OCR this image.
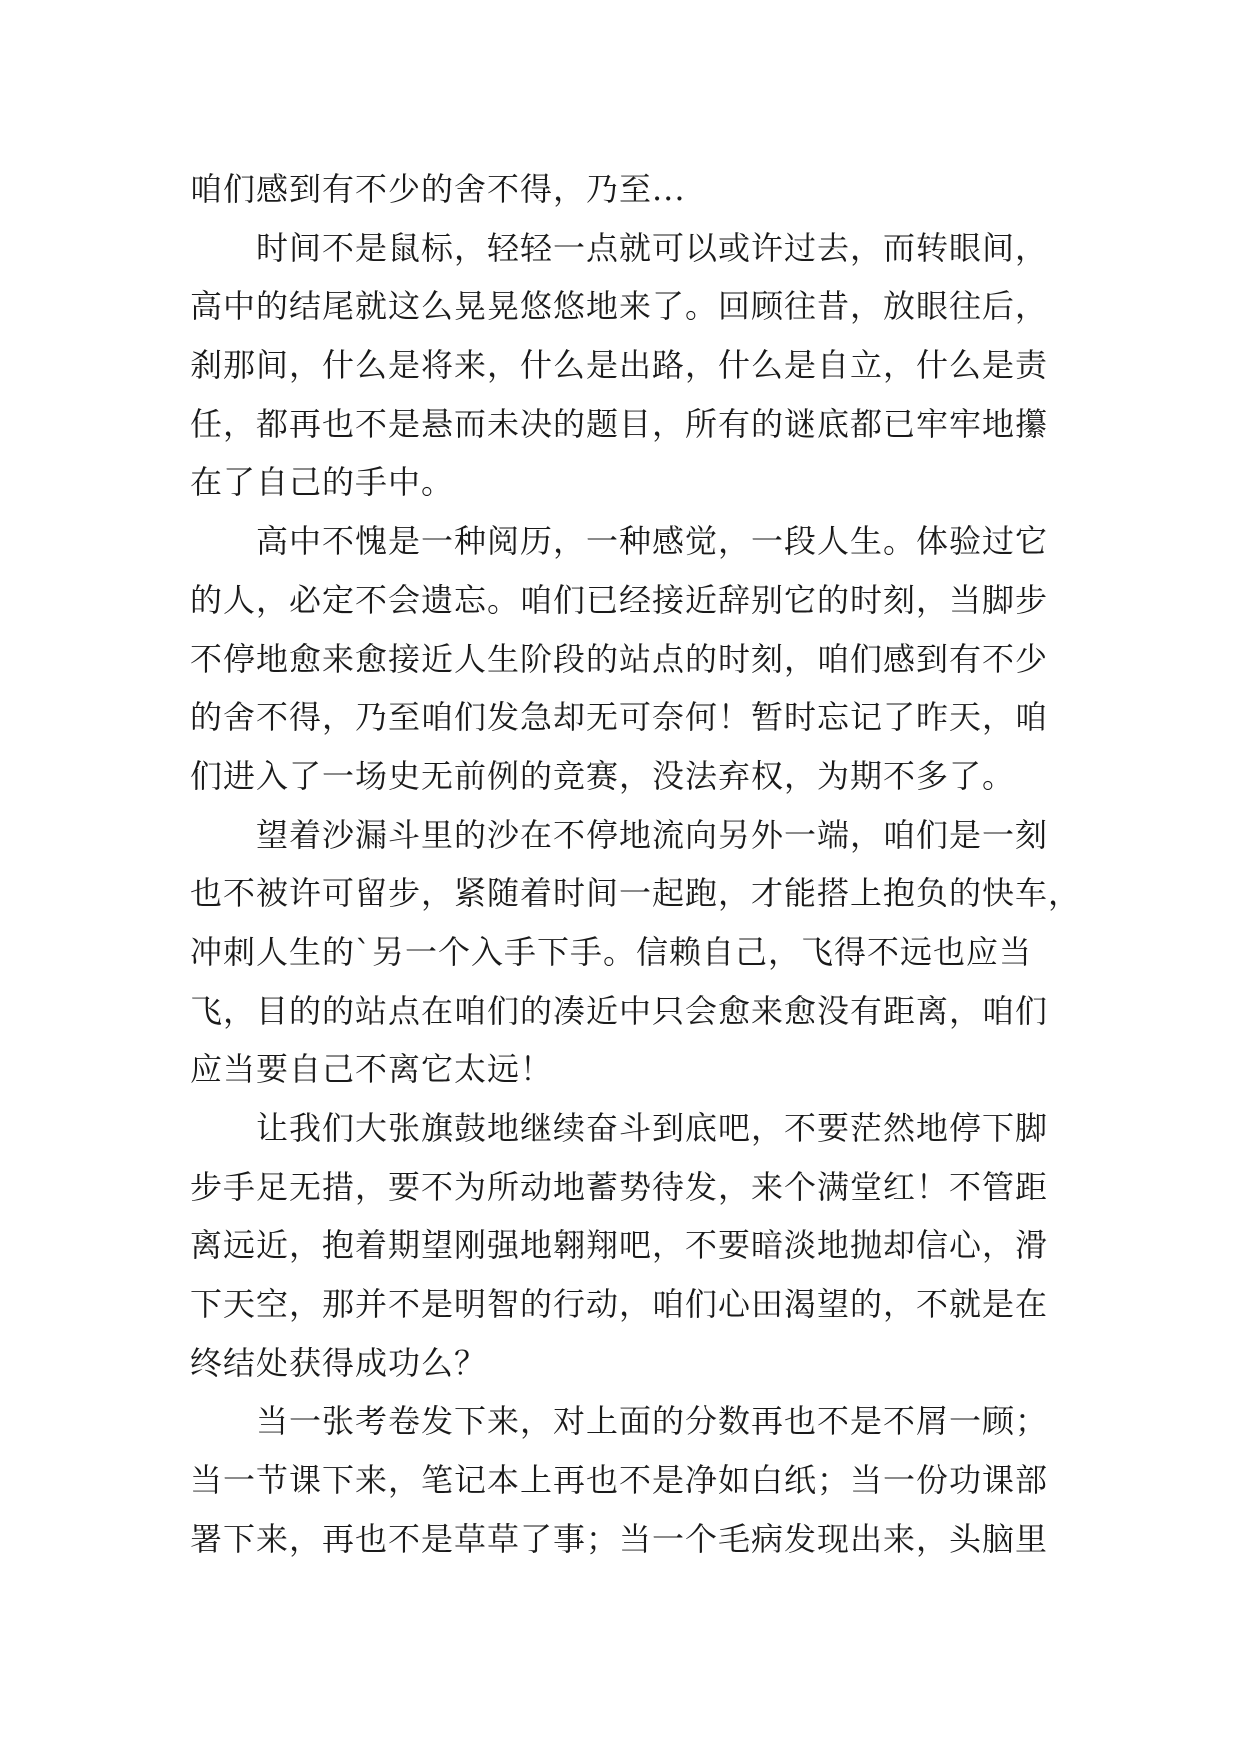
咱们感到有不少的舍不得，乃至...
时间不是鼠标，轻轻一点就可以或许过去，而转眼间，
高中的结尾就这么晃晃悠悠地来了。回顾往昔，放眼往后，
刹那间，什么是将来，什么是出路，什么是自立，什么是责
任，都再也不是悬而未决的题目，所有的谜底都已牢牢地攥
在了自己的手中。
高中不愧是一种阅历，一种感觉，一段人生。体验过它
的人，必定不会遗忘。咱们已经接近辞别它的时刻，当脚步
不停地愈来愈接近人生阶段的站点的时刻，咱们感到有不少
的舍不得，乃至咱们发急却无可奈何！暂时忘记了昨天，咱
们进入了一场史无前例的竞赛，没法弃权，为期不多了。
望着沙漏斗里的沙在不停地流向另外一端，咱们是一刻
也不被许可留步，紧随着时间一起跑，才能搭上抱负的快车，
冲刺人生的`另一个入手下手。信赖自己，飞得不远也应当
飞，目的的站点在咱们的凑近中只会愈来愈没有距离，咱们
应当要自己不离它太远！
让我们大张旗鼓地继续奋斗到底吧，不要茫然地停下脚
步手足无措，要不为所动地蓄势待发，来个满堂红！不管距
离远近，抱着期望刚强地翱翔吧，不要暗淡地抛却信心，滑
下天空，那并不是明智的行动，咱们心田渴望的，不就是在
终结处获得成功么？
当一张考卷发下来，对上面的分数再也不是不屑一顾；
当一节课下来，笔记本上再也不是净如白纸；当一份功课部
署下来，再也不是草草了事；当一个毛病发现出来，头脑里
